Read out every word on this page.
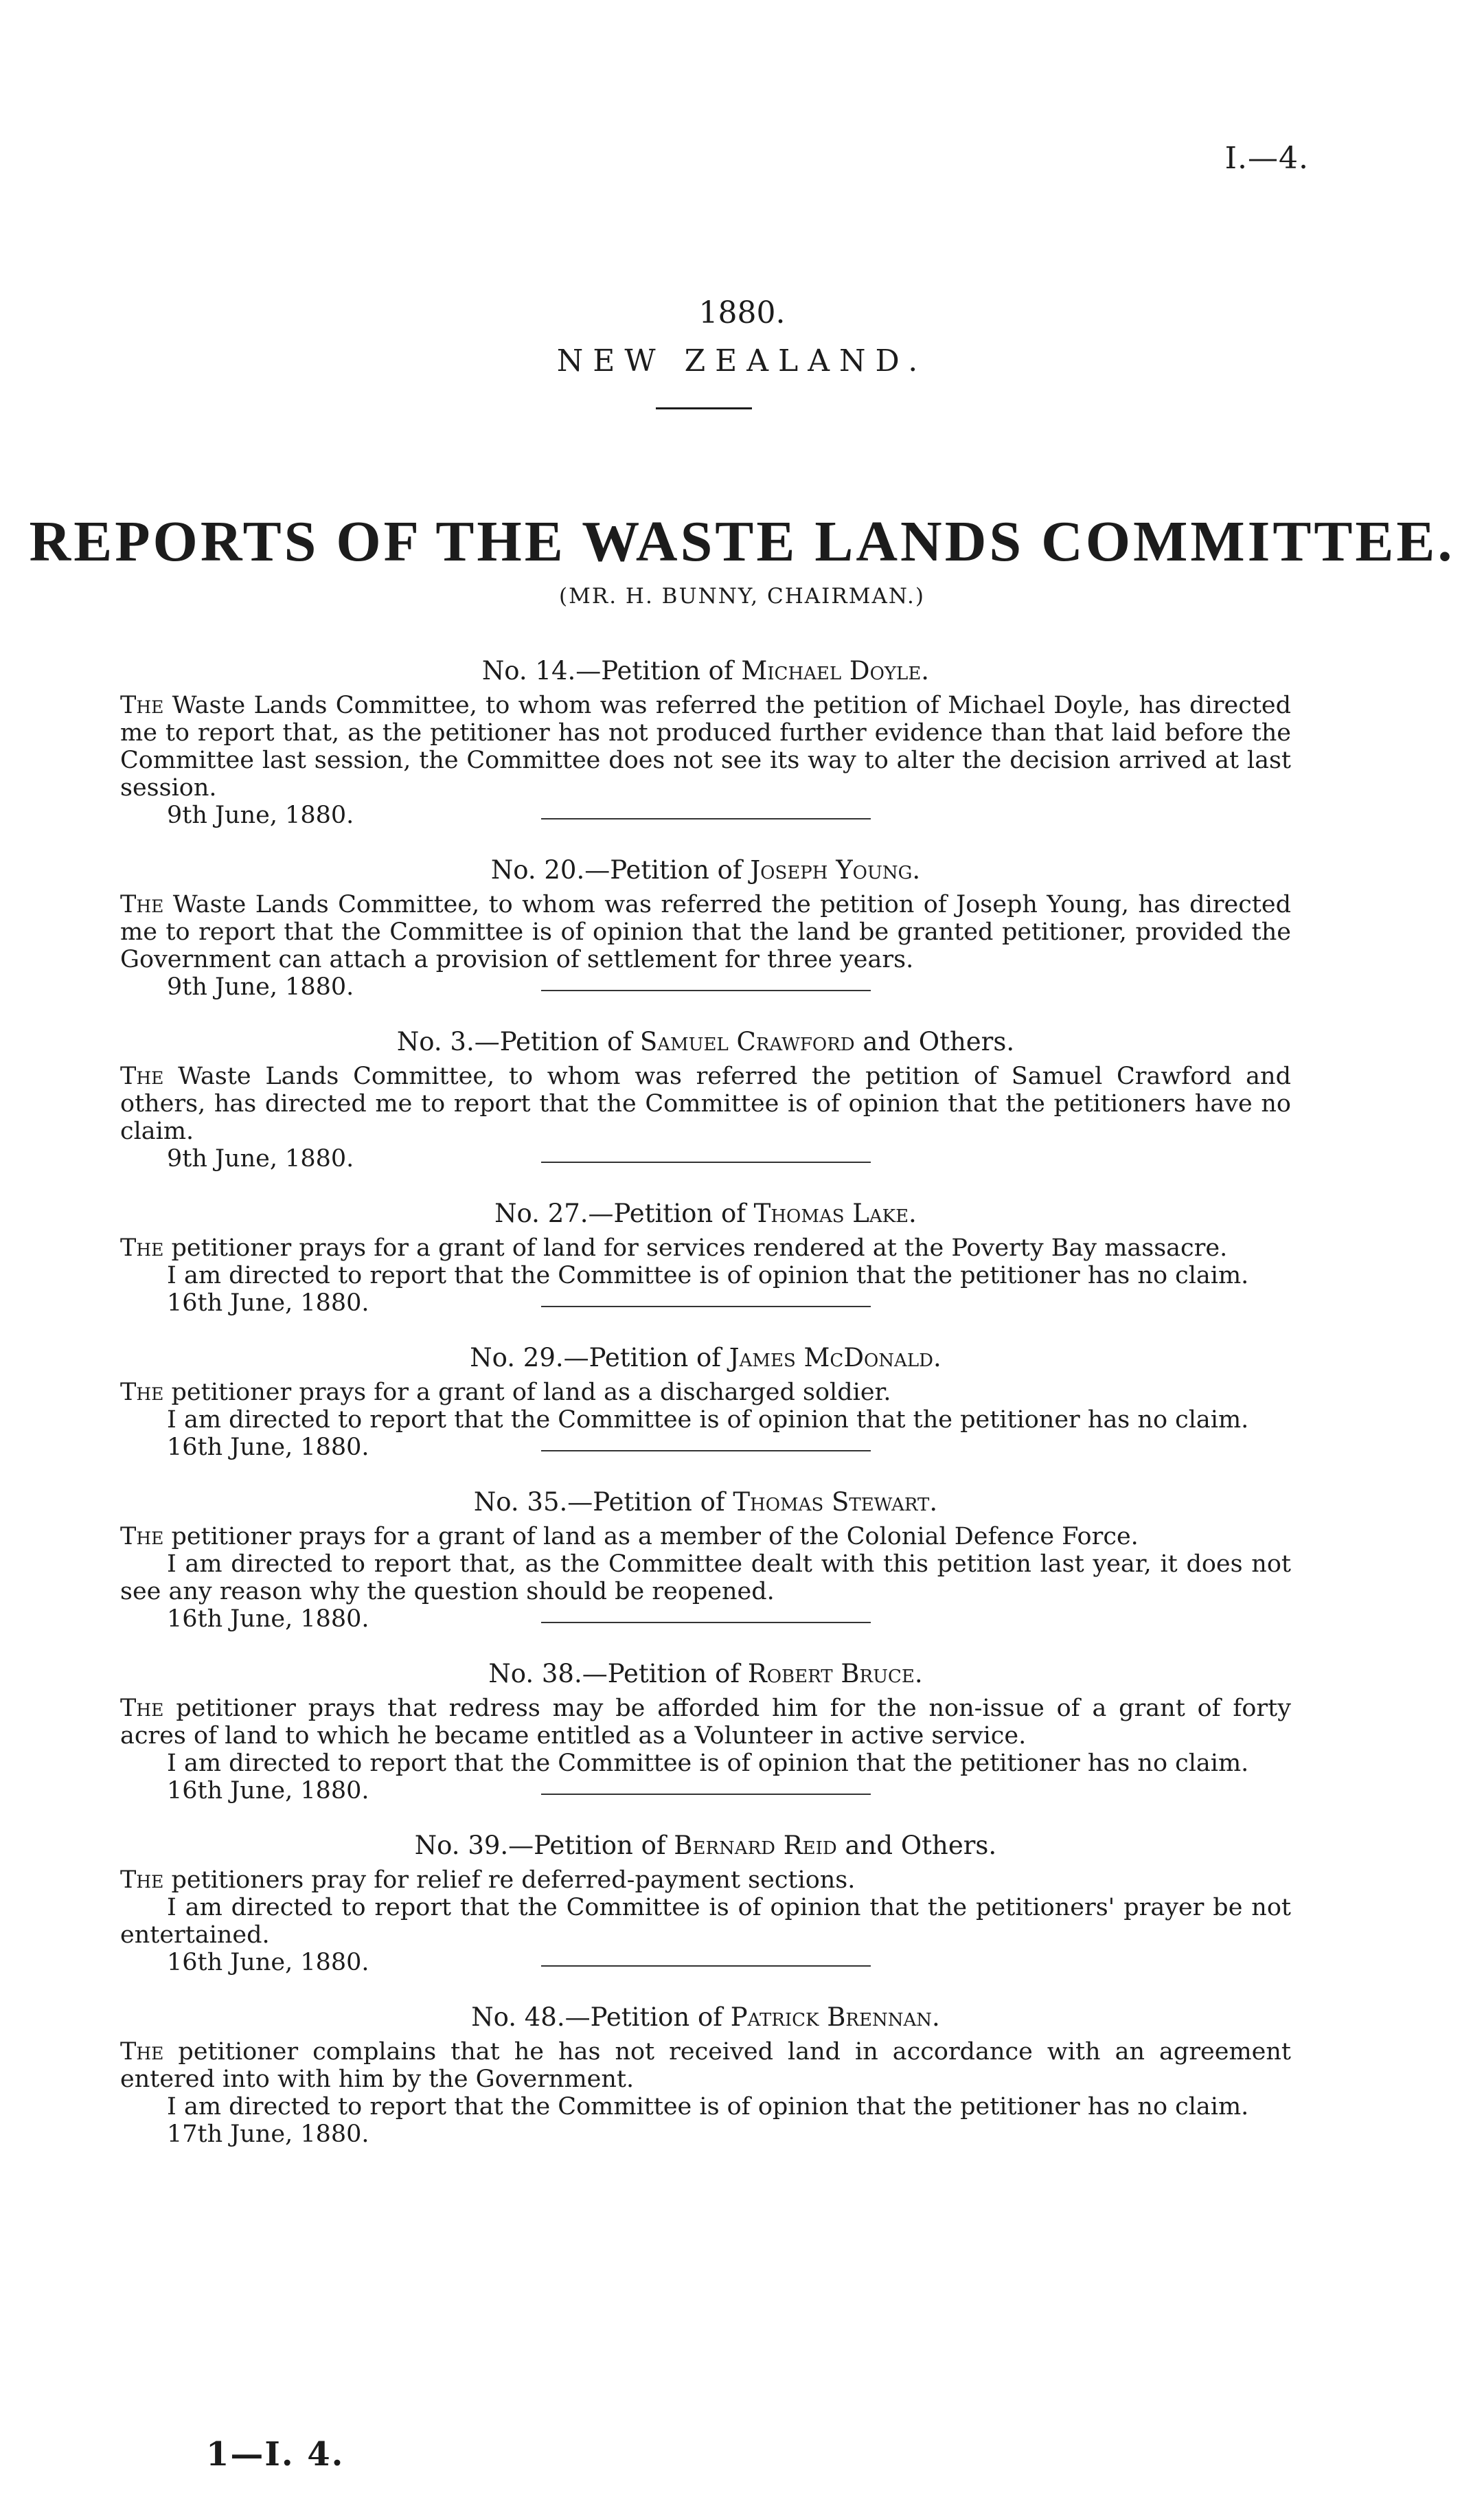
I.—4.
1880.
NEW ZEALAND.
REPORTS OF THE WASTE LANDS COMMITTEE.
(MR. H. BUNNY, CHAIRMAN.)
No. 14.—Petition of Michael Doyle.

The Waste Lands Committee, to whom was referred the petition of Michael Doyle, has directed me to report that, as the petitioner has not produced further evidence than that laid before the Committee last session, the Committee does not see its way to alter the decision arrived at last session.

9th June, 1880.
No. 20.—Petition of Joseph Young.

The Waste Lands Committee, to whom was referred the petition of Joseph Young, has directed me to report that the Committee is of opinion that the land be granted petitioner, provided the Government can attach a provision of settlement for three years.

9th June, 1880.
No. 3.—Petition of Samuel Crawford and Others.

The Waste Lands Committee, to whom was referred the petition of Samuel Crawford and others, has directed me to report that the Committee is of opinion that the petitioners have no claim.

9th June, 1880.
No. 27.—Petition of Thomas Lake.

The petitioner prays for a grant of land for services rendered at the Poverty Bay massacre.

I am directed to report that the Committee is of opinion that the petitioner has no claim.

16th June, 1880.
No. 29.—Petition of James McDonald.

The petitioner prays for a grant of land as a discharged soldier.

I am directed to report that the Committee is of opinion that the petitioner has no claim.

16th June, 1880.
No. 35.—Petition of Thomas Stewart.

The petitioner prays for a grant of land as a member of the Colonial Defence Force.

I am directed to report that, as the Committee dealt with this petition last year, it does not see any reason why the question should be reopened.

16th June, 1880.
No. 38.—Petition of Robert Bruce.

The petitioner prays that redress may be afforded him for the non-issue of a grant of forty acres of land to which he became entitled as a Volunteer in active service.

I am directed to report that the Committee is of opinion that the petitioner has no claim.

16th June, 1880.
No. 39.—Petition of Bernard Reid and Others.

The petitioners pray for relief re deferred-payment sections.

I am directed to report that the Committee is of opinion that the petitioners' prayer be not entertained.

16th June, 1880.
No. 48.—Petition of Patrick Brennan.

The petitioner complains that he has not received land in accordance with an agreement entered into with him by the Government.

I am directed to report that the Committee is of opinion that the petitioner has no claim.

17th June, 1880.
1—I. 4.
